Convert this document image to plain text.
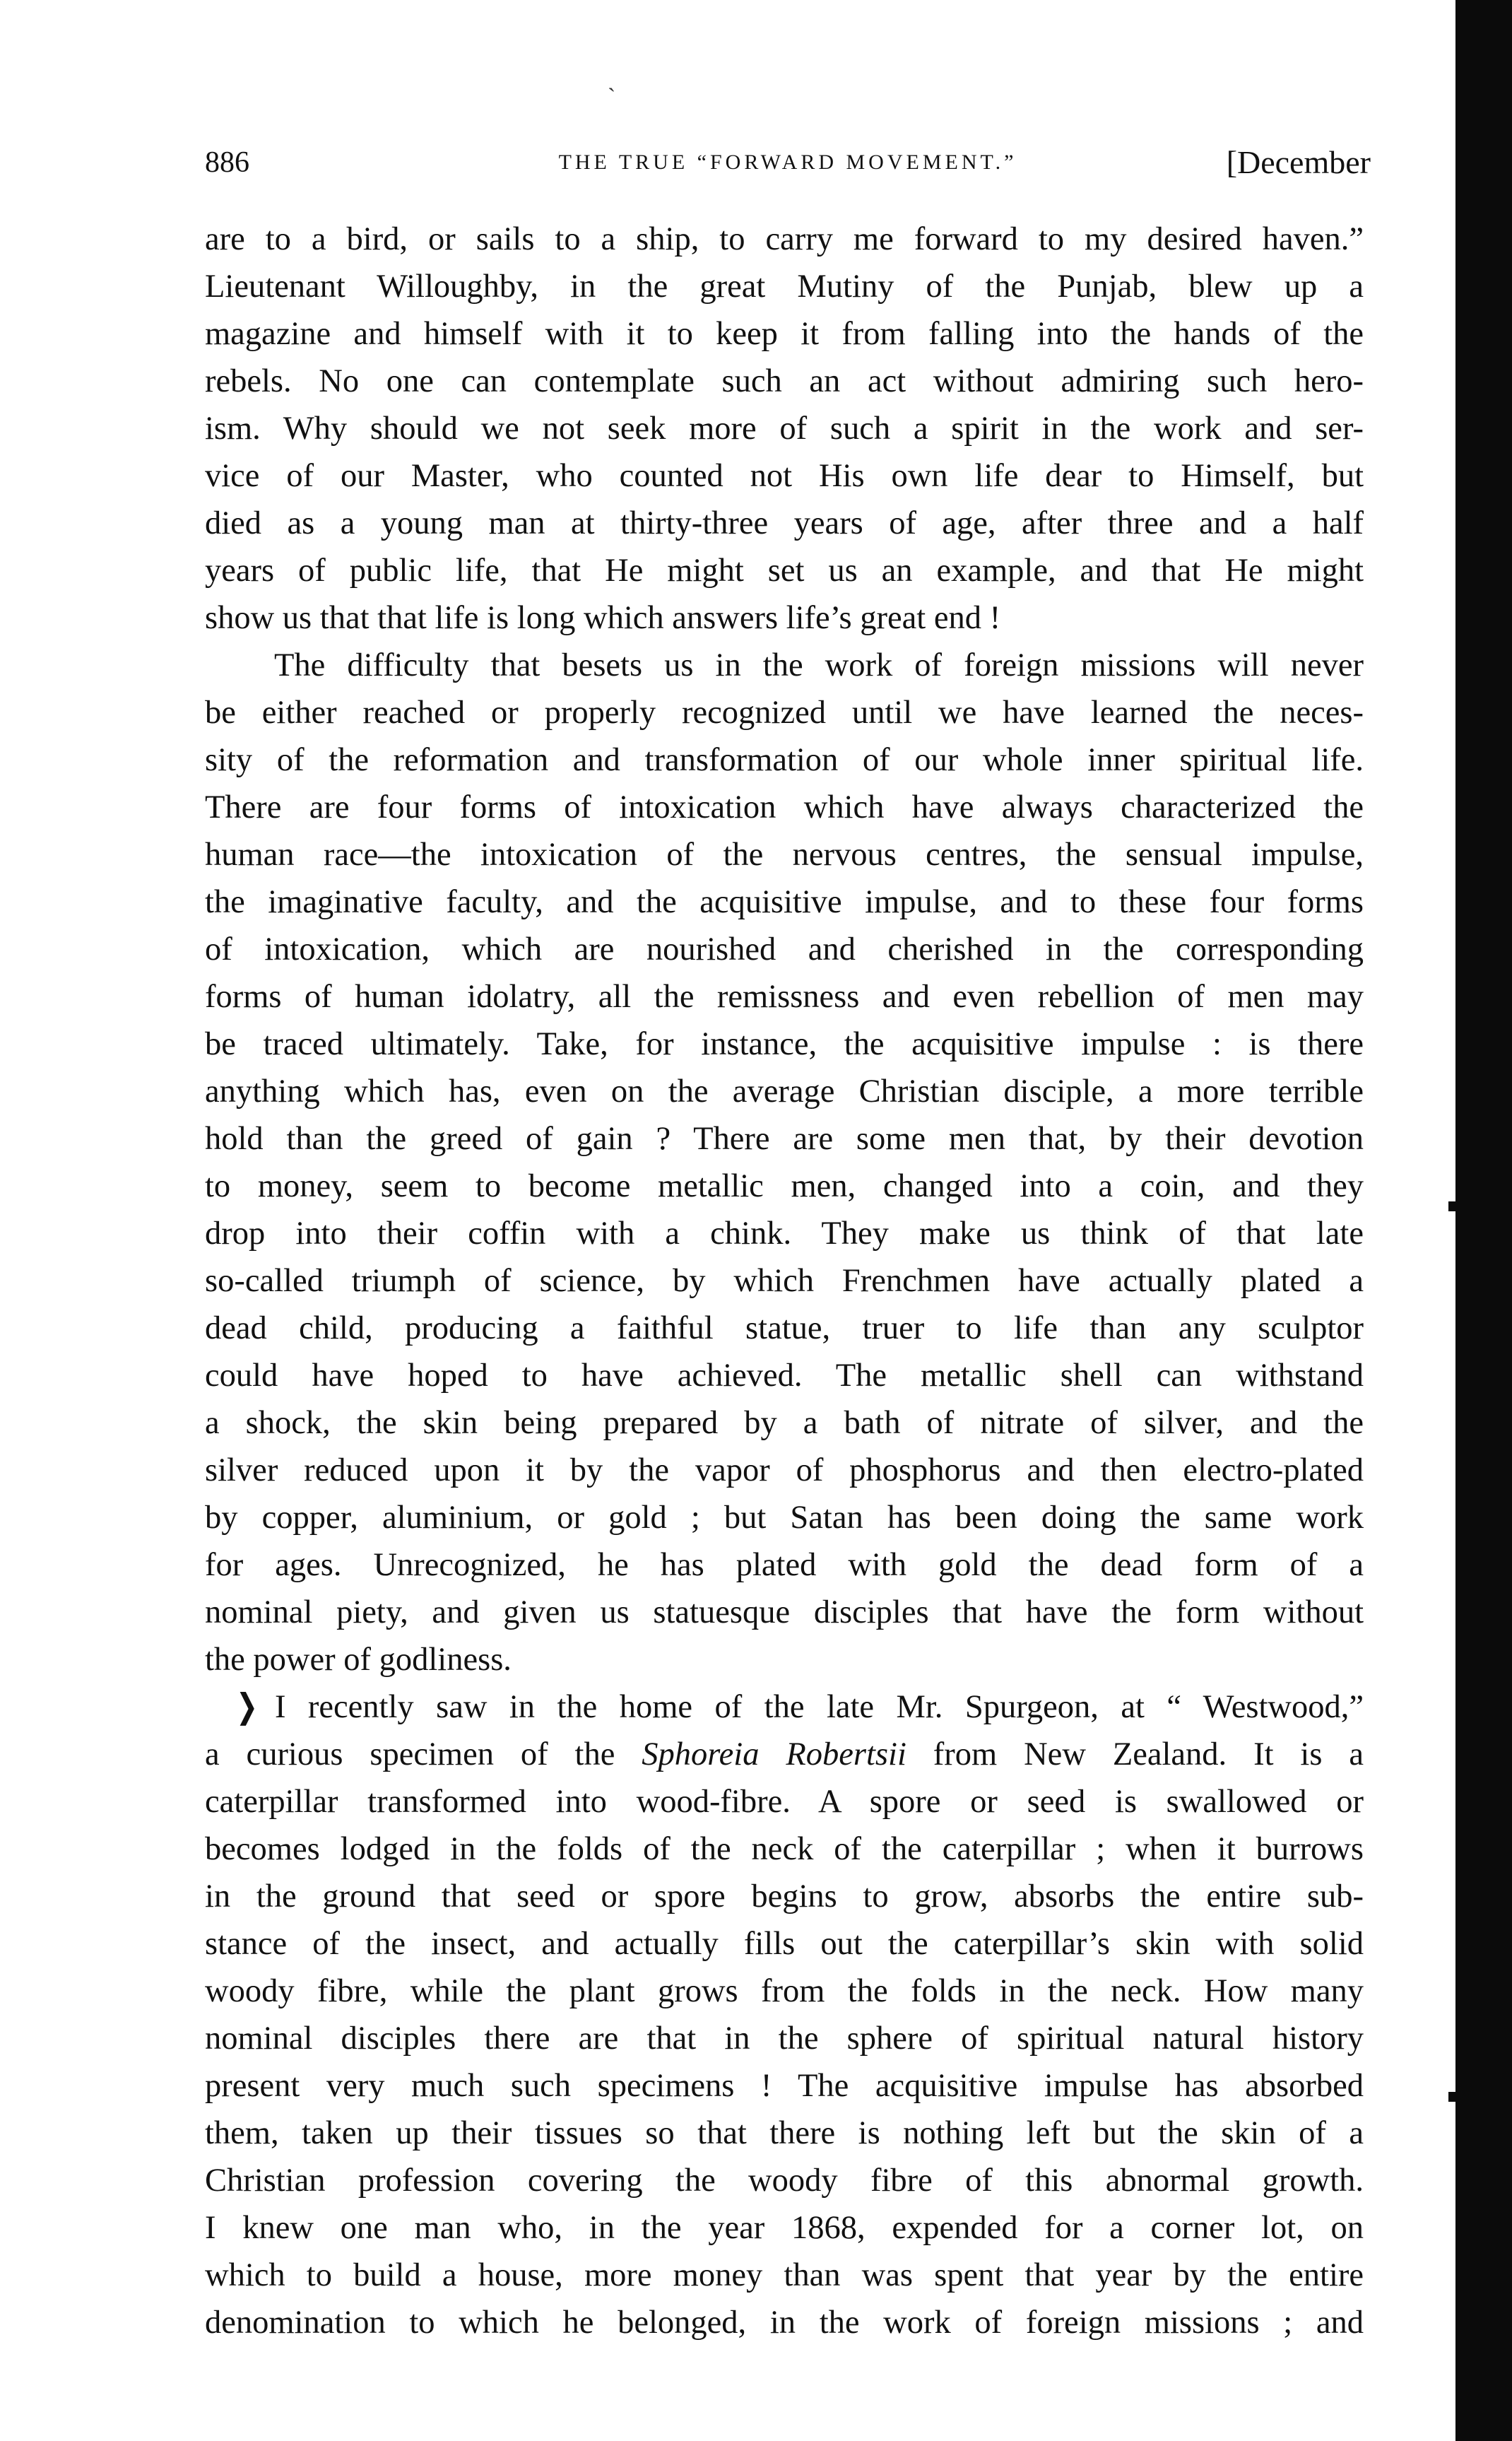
ˎ
886	THE TRUE “FORWARD MOVEMENT.”	[December
are to a bird, or sails to a ship, to carry me forward to my desired haven.”
Lieutenant Willoughby, in the great Mutiny of the Punjab, blew up a
magazine and himself with it to keep it from falling into the hands of the
rebels. No one can contemplate such an act without admiring such hero-
ism. Why should we not seek more of such a spirit in the work and ser-
vice of our Master, who counted not His own life dear to Himself, but
died as a young man at thirty-three years of age, after three and a half
years of public life, that He might set us an example, and that He might
show us that that life is long which answers life’s great end !
The difficulty that besets us in the work of foreign missions will never
be either reached or properly recognized until we have learned the neces-
sity of the reformation and transformation of our whole inner spiritual life.
There are four forms of intoxication which have always characterized the
human race—the intoxication of the nervous centres, the sensual impulse,
the imaginative faculty, and the acquisitive impulse, and to these four forms
of intoxication, which are nourished and cherished in the corresponding
forms of human idolatry, all the remissness and even rebellion of men may
be traced ultimately. Take, for instance, the acquisitive impulse : is there
anything which has, even on the average Christian disciple, a more terrible
hold than the greed of gain ? There are some men that, by their devotion
to money, seem to become metallic men, changed into a coin, and they
drop into their coffin with a chink. They make us think of that late
so-called triumph of science, by which Frenchmen have actually plated a
dead child, producing a faithful statue, truer to life than any sculptor
could have hoped to have achieved. The metallic shell can withstand
a shock, the skin being prepared by a bath of nitrate of silver, and the
silver reduced upon it by the vapor of phosphorus and then electro-plated
by copper, aluminium, or gold ; but Satan has been doing the same work
for ages. Unrecognized, he has plated with gold the dead form of a
nominal piety, and given us statuesque disciples that have the form without
the power of godliness.
❭ I recently saw in the home of the late Mr. Spurgeon, at “ Westwood,”
a curious specimen of the Sphoreia Robertsii from New Zealand. It is a
caterpillar transformed into wood-fibre. A spore or seed is swallowed or
becomes lodged in the folds of the neck of the caterpillar ; when it burrows
in the ground that seed or spore begins to grow, absorbs the entire sub-
stance of the insect, and actually fills out the caterpillar’s skin with solid
woody fibre, while the plant grows from the folds in the neck. How many
nominal disciples there are that in the sphere of spiritual natural history
present very much such specimens ! The acquisitive impulse has absorbed
them, taken up their tissues so that there is nothing left but the skin of a
Christian profession covering the woody fibre of this abnormal growth.
I knew one man who, in the year 1868, expended for a corner lot, on
which to build a house, more money than was spent that year by the entire
denomination to which he belonged, in the work of foreign missions ; and
